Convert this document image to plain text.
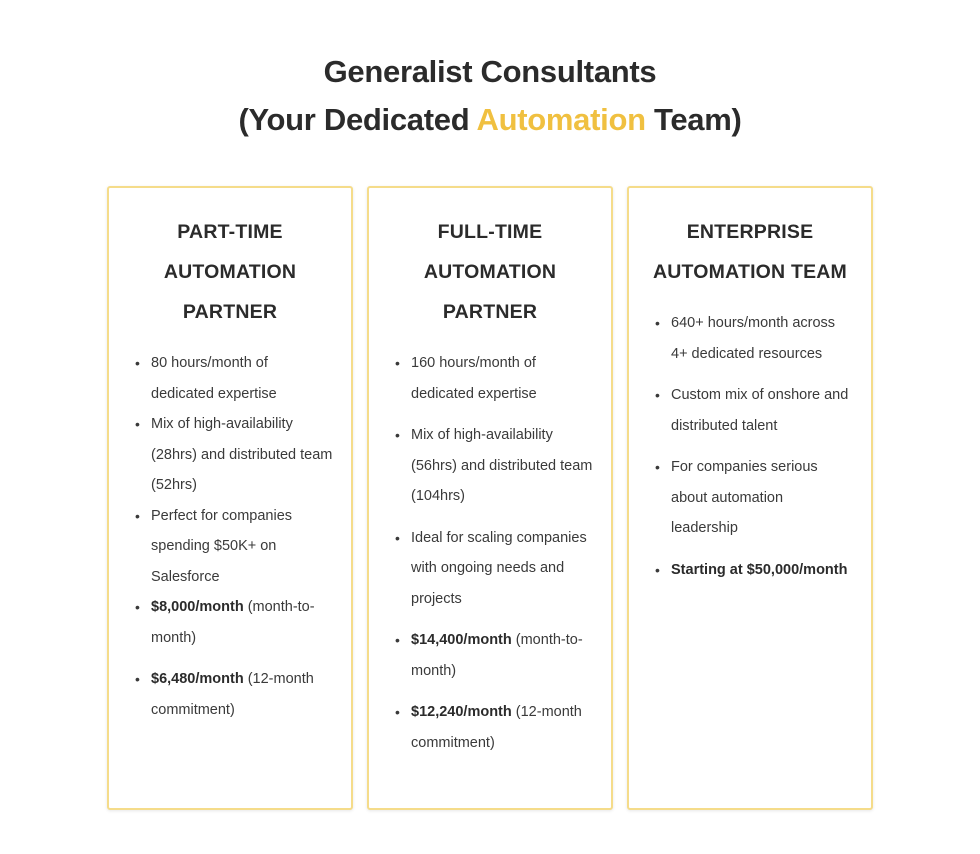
Generalist Consultants
(Your Dedicated Automation Team)
PART-TIME AUTOMATION PARTNER
• 80 hours/month of dedicated expertise
• Mix of high-availability (28hrs) and distributed team (52hrs)
• Perfect for companies spending $50K+ on Salesforce
• $8,000/month (month-to-month)
• $6,480/month (12-month commitment)
FULL-TIME AUTOMATION PARTNER
• 160 hours/month of dedicated expertise
• Mix of high-availability (56hrs) and distributed team (104hrs)
• Ideal for scaling companies with ongoing needs and projects
• $14,400/month (month-to-month)
• $12,240/month (12-month commitment)
ENTERPRISE AUTOMATION TEAM
• 640+ hours/month across 4+ dedicated resources
• Custom mix of onshore and distributed talent
• For companies serious about automation leadership
• Starting at $50,000/month
